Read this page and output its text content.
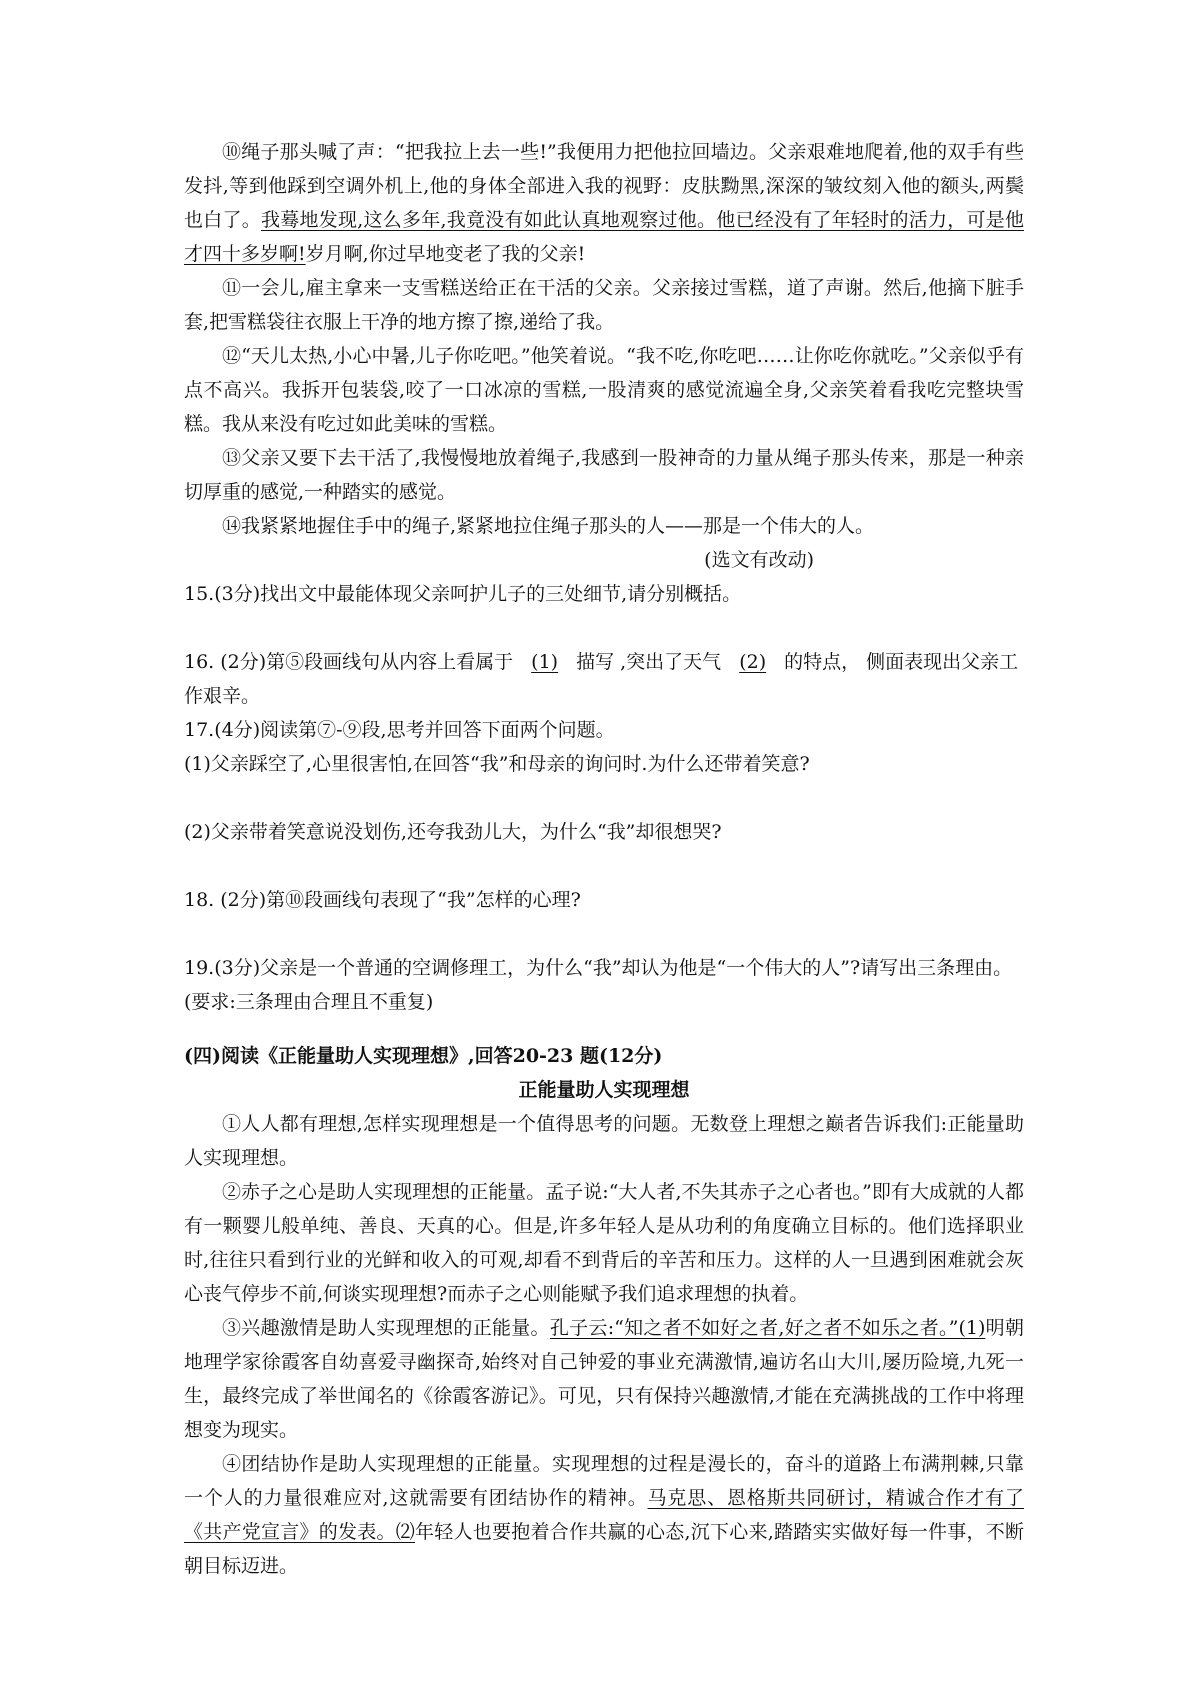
⑩绳子那头喊了声：“把我拉上去一些!”我便用力把他拉回墙边。父亲艰难地爬着,他的双手有些发抖,等到他踩到空调外机上,他的身体全部进入我的视野：皮肤黝黑,深深的皱纹刻入他的额头,两鬓也白了。我蓦地发现,这么多年,我竟没有如此认真地观察过他。他已经没有了年轻时的活力，可是他才四十多岁啊!岁月啊,你过早地变老了我的父亲!

⑪一会儿,雇主拿来一支雪糕送给正在干活的父亲。父亲接过雪糕，道了声谢。然后,他摘下脏手套,把雪糕袋往衣服上干净的地方擦了擦,递给了我。

⑫“天儿太热,小心中暑,儿子你吃吧。”他笑着说。“我不吃,你吃吧……让你吃你就吃。”父亲似乎有点不高兴。我拆开包装袋,咬了一口冰凉的雪糕,一股清爽的感觉流遍全身,父亲笑着看我吃完整块雪糕。我从来没有吃过如此美味的雪糕。

⑬父亲又要下去干活了,我慢慢地放着绳子,我感到一股神奇的力量从绳子那头传来，那是一种亲切厚重的感觉,一种踏实的感觉。

⑭我紧紧地握住手中的绳子,紧紧地拉住绳子那头的人——那是一个伟大的人。

(选文有改动)

15.(3分)找出文中最能体现父亲呵护儿子的三处细节,请分别概括。

16. (2分)第⑤段画线句从内容上看属于 (1) 描写 ,突出了天气 (2) 的特点， 侧面表现出父亲工作艰辛。

17.(4分)阅读第⑦-⑨段,思考并回答下面两个问题。

(1)父亲踩空了,心里很害怕,在回答“我”和母亲的询问时.为什么还带着笑意?

(2)父亲带着笑意说没划伤,还夸我劲儿大，为什么“我”却很想哭?

18. (2分)第⑩段画线句表现了“我”怎样的心理?

19.(3分)父亲是一个普通的空调修理工，为什么“我”却认为他是“一个伟大的人”?请写出三条理由。(要求:三条理由合理且不重复)

(四)阅读《正能量助人实现理想》,回答20-23 题(12分)

正能量助人实现理想

①人人都有理想,怎样实现理想是一个值得思考的问题。无数登上理想之巅者告诉我们:正能量助人实现理想。

②赤子之心是助人实现理想的正能量。孟子说:“大人者,不失其赤子之心者也。”即有大成就的人都有一颗婴儿般单纯、善良、天真的心。但是,许多年轻人是从功利的角度确立目标的。他们选择职业时,往往只看到行业的光鲜和收入的可观,却看不到背后的辛苦和压力。这样的人一旦遇到困难就会灰心丧气停步不前,何谈实现理想?而赤子之心则能赋予我们追求理想的执着。

③兴趣激情是助人实现理想的正能量。孔子云:“知之者不如好之者,好之者不如乐之者。”(1)明朝地理学家徐霞客自幼喜爱寻幽探奇,始终对自己钟爱的事业充满激情,遍访名山大川,屡历险境,九死一生，最终完成了举世闻名的《徐霞客游记》。可见，只有保持兴趣激情,才能在充满挑战的工作中将理想变为现实。

④团结协作是助人实现理想的正能量。实现理想的过程是漫长的，奋斗的道路上布满荆棘,只靠一个人的力量很难应对,这就需要有团结协作的精神。马克思、恩格斯共同研讨，精诚合作才有了《共产党宣言》的发表。⑵年轻人也要抱着合作共赢的心态,沉下心来,踏踏实实做好每一件事，不断朝目标迈进。
